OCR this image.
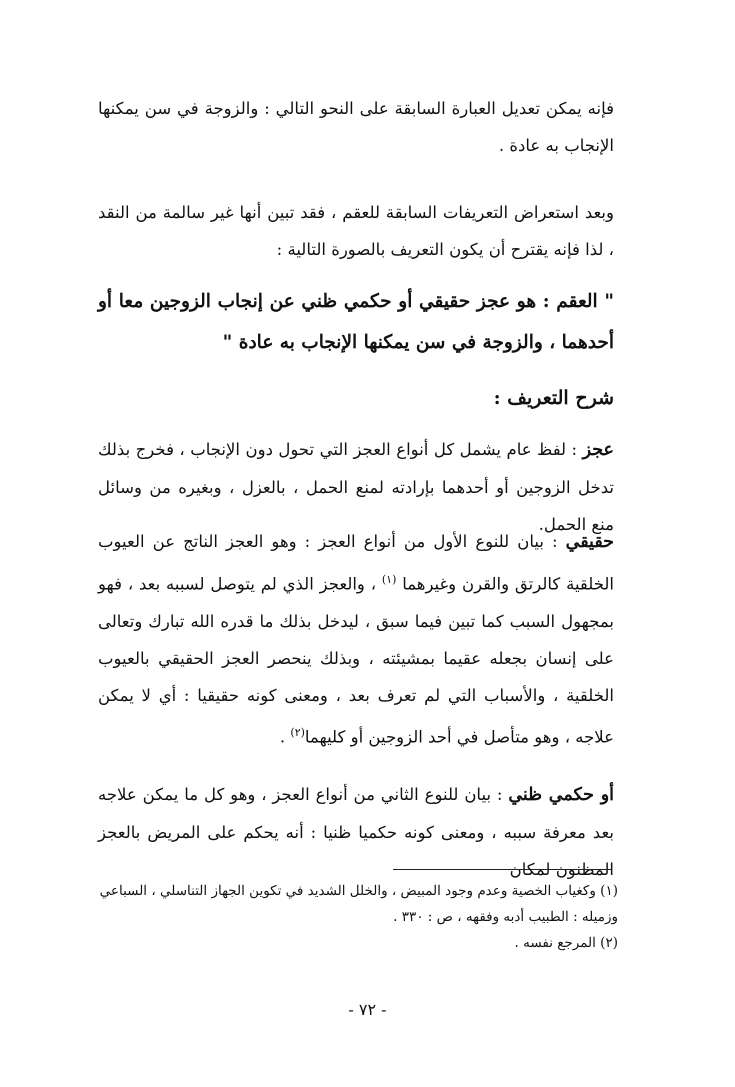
فإنه يمكن تعديل العبارة السابقة على النحو التالي : والزوجة في سن يمكنها الإنجاب به عادة .

وبعد استعراض التعريفات السابقة للعقم ، فقد تبين أنها غير سالمة من النقد ، لذا فإنه يقترح أن يكون التعريف بالصورة التالية :

" العقم : هو عجز حقيقي أو حكمي ظني عن إنجاب الزوجين معا أو أحدهما ، والزوجة في سن يمكنها الإنجاب به عادة "

شرح التعريف :

عجز : لفظ عام يشمل كل أنواع العجز التي تحول دون الإنجاب ، فخرج بذلك تدخل الزوجين أو أحدهما بإرادته لمنع الحمل ، بالعزل ، وبغيره من وسائل منع الحمل.

حقيقي : بيان للنوع الأول من أنواع العجز : وهو العجز الناتج عن العيوب الخلقية كالرتق والقرن وغيرهما $^{(١)}$ ، والعجز الذي لم يتوصل لسببه بعد ، فهو بمجهول السبب كما تبين فيما سبق ، ليدخل بذلك ما قدره الله تبارك وتعالى على إنسان بجعله عقيما بمشيئته ، وبذلك ينحصر العجز الحقيقي بالعيوب الخلقية ، والأسباب التي لم تعرف بعد ، ومعنى كونه حقيقيا : أي لا يمكن علاجه ، وهو متأصل في أحد الزوجين أو كليهما$^{(٢)}$ .

أو حكمي ظني : بيان للنوع الثاني من أنواع العجز ، وهو كل ما يمكن علاجه بعد معرفة سببه ، ومعنى كونه حكميا ظنيا : أنه يحكم على المريض بالعجز المظنون لمكان

(١) وكغياب الخصية وعدم وجود المبيض ، والخلل الشديد في تكوين الجهاز التناسلي ، السباعي وزميله : الطبيب أدبه وفقهه ، ص : ٣٣٠ .
(٢) المرجع نفسه .
- ٧٢ -
